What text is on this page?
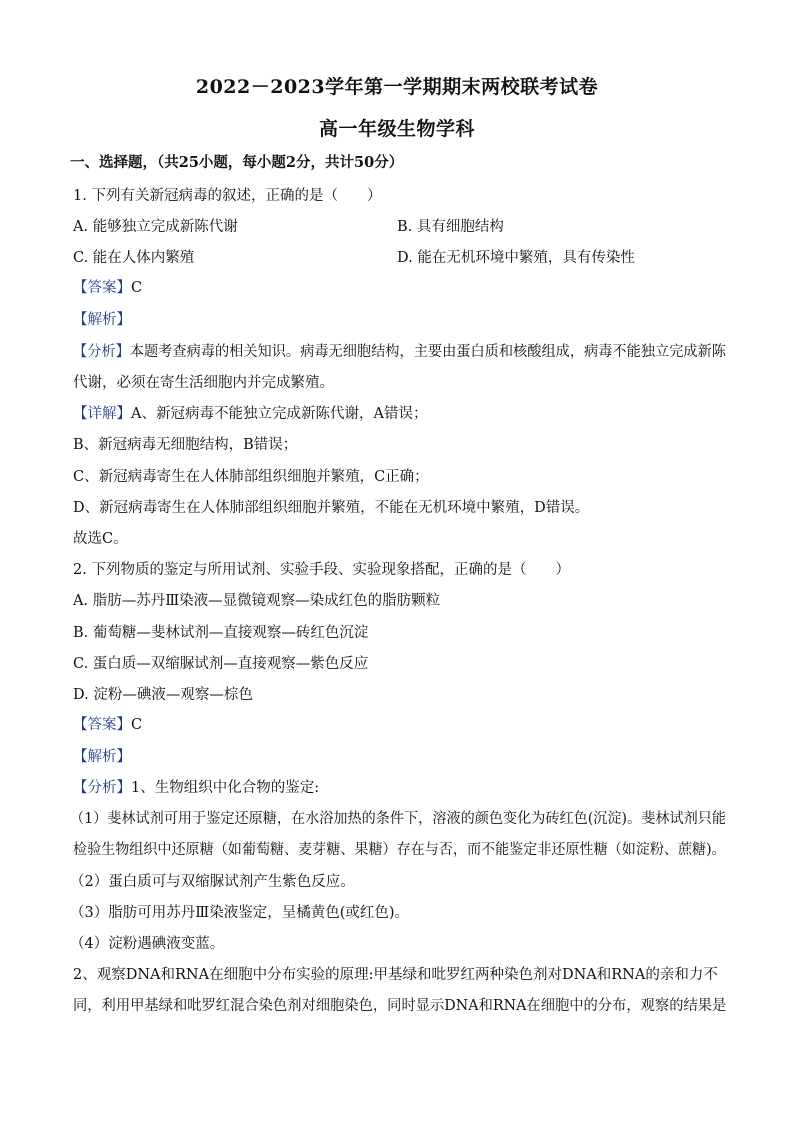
2022－2023学年第一学期期末两校联考试卷
高一年级生物学科
一、选择题，（共25小题，每小题2分，共计50分）
1. 下列有关新冠病毒的叙述，正确的是（　　）
A. 能够独立完成新陈代谢	B. 具有细胞结构
C. 能在人体内繁殖	D. 能在无机环境中繁殖，具有传染性
【答案】C
【解析】
【分析】本题考查病毒的相关知识。病毒无细胞结构，主要由蛋白质和核酸组成，病毒不能独立完成新陈
代谢，必须在寄生活细胞内并完成繁殖。
【详解】A、新冠病毒不能独立完成新陈代谢，A错误；
B、新冠病毒无细胞结构，B错误；
C、新冠病毒寄生在人体肺部组织细胞并繁殖，C正确；
D、新冠病毒寄生在人体肺部组织细胞并繁殖，不能在无机环境中繁殖，D错误。
故选C。
2. 下列物质的鉴定与所用试剂、实验手段、实验现象搭配，正确的是（　　）
A. 脂肪—苏丹Ⅲ染液—显微镜观察—染成红色的脂肪颗粒
B. 葡萄糖—斐林试剂—直接观察—砖红色沉淀
C. 蛋白质—双缩脲试剂—直接观察—紫色反应
D. 淀粉—碘液—观察—棕色
【答案】C
【解析】
【分析】1、生物组织中化合物的鉴定:
（1）斐林试剂可用于鉴定还原糖，在水浴加热的条件下，溶液的颜色变化为砖红色(沉淀)。斐林试剂只能
检验生物组织中还原糖（如葡萄糖、麦芽糖、果糖）存在与否，而不能鉴定非还原性糖（如淀粉、蔗糖)。
（2）蛋白质可与双缩脲试剂产生紫色反应。
（3）脂肪可用苏丹Ⅲ染液鉴定，呈橘黄色(或红色)。
（4）淀粉遇碘液变蓝。
2、观察DNA和RNA在细胞中分布实验的原理:甲基绿和吡罗红两种染色剂对DNA和RNA的亲和力不
同，利用甲基绿和吡罗红混合染色剂对细胞染色，同时显示DNA和RNA在细胞中的分布，观察的结果是
